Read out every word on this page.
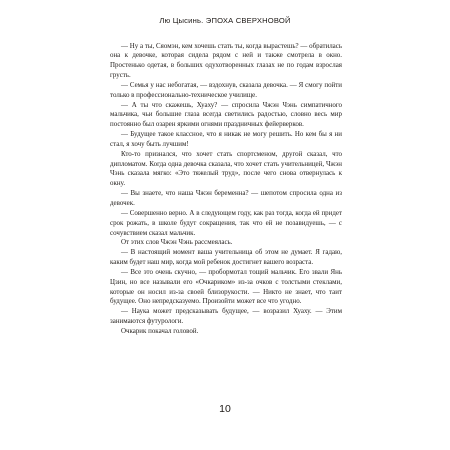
Лю Цысинь. ЭПОХА СВЕРХНОВОЙ

— Ну а ты, Сяомэн, кем хочешь стать ты, когда вырастешь? — обратилась она к девочке, которая сидела рядом с ней и также смотрела в окно. Простенько одетая, в больших одухотворенных глазах не по годам взрослая грусть.

— Семья у нас небогатая, — вздохнув, сказала девочка. — Я смогу пойти только в профессионально-техническое училище.

— А ты что скажешь, Хуаху? — спросила Чжэн Чэнь симпатичного мальчика, чьи большие глаза всегда светились радостью, словно весь мир постоянно был озарен яркими огнями праздничных фейерверков.

— Будущее такое классное, что я никак не могу решить. Но кем бы я ни стал, я хочу быть лучшим!

Кто-то признался, что хочет стать спортсменом, другой сказал, что дипломатом. Когда одна девочка сказала, что хочет стать учительницей, Чжэн Чэнь сказала мягко: «Это тяжелый труд», после чего снова отвернулась к окну.

— Вы знаете, что наша Чжэн беременна? — шепотом спросила одна из девочек.

— Совершенно верно. А в следующем году, как раз тогда, когда ей придет срок рожать, в школе будут сокращения, так что ей не позавидуешь, — с сочувствием сказал мальчик.

От этих слов Чжэн Чэнь рассмеялась.

— В настоящий момент ваша учительница об этом не думает. Я гадаю, каким будет наш мир, когда мой ребенок достигнет вашего возраста.

— Все это очень скучно, — пробормотал тощий мальчик. Его звали Янь Цзин, но все называли его «Очкариком» из-за очков с толстыми стеклами, которые он носил из-за своей близорукости. — Никто не знает, что таит будущее. Оно непредсказуемо. Произойти может все что угодно.

— Наука может предсказывать будущее, — возразил Хуаху. — Этим занимаются футурологи.

Очкарик покачал головой.

10
